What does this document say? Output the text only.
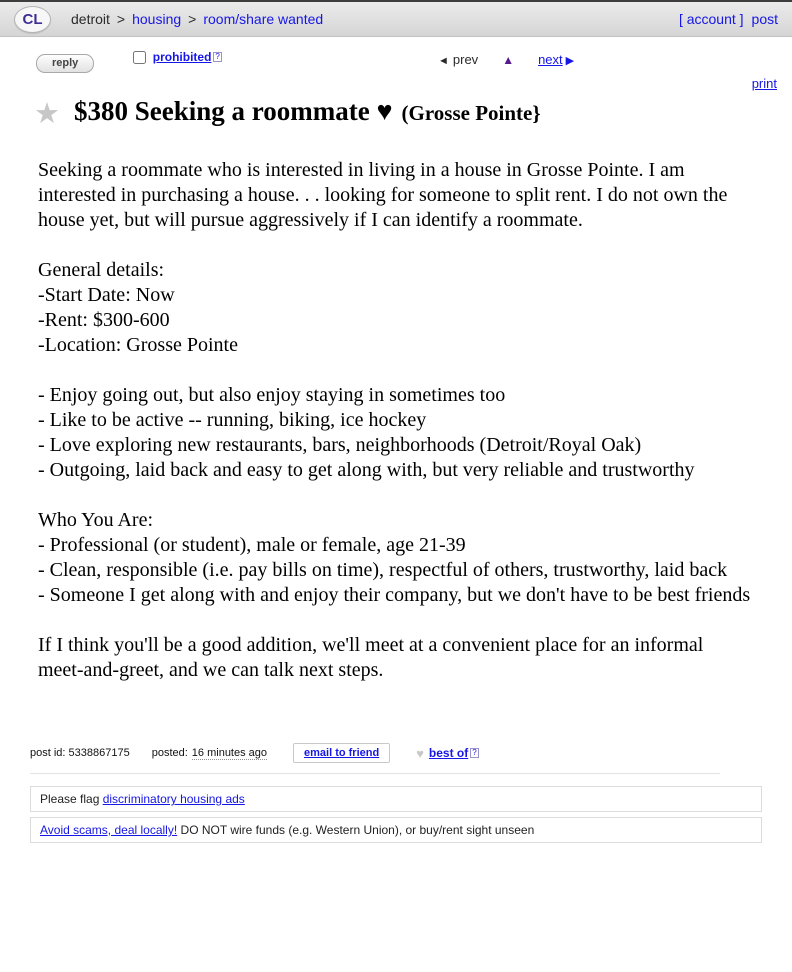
CL	detroit > housing > room/share wanted	[ account ] post
reply	prohibited ?	◄ prev ▲ next ▶
print
★ $380 Seeking a roommate ♥ (Grosse Pointe}

Seeking a roommate who is interested in living in a house in Grosse Pointe. I am interested in purchasing a house. . . looking for someone to split rent. I do not own the house yet, but will pursue aggressively if I can identify a roommate.

General details:
-Start Date: Now
-Rent: $300-600
-Location: Grosse Pointe

- Enjoy going out, but also enjoy staying in sometimes too
- Like to be active -- running, biking, ice hockey
- Love exploring new restaurants, bars, neighborhoods (Detroit/Royal Oak)
- Outgoing, laid back and easy to get along with, but very reliable and trustworthy

Who You Are:
- Professional (or student), male or female, age 21-39
- Clean, responsible (i.e. pay bills on time), respectful of others, trustworthy, laid back
- Someone I get along with and enjoy their company, but we don't have to be best friends

If I think you'll be a good addition, we'll meet at a convenient place for an informal meet-and-greet, and we can talk next steps.

post id: 5338867175 posted: 16 minutes ago	email to friend	♥ best of ?
Please flag discriminatory housing ads
Avoid scams, deal locally! DO NOT wire funds (e.g. Western Union), or buy/rent sight unseen
